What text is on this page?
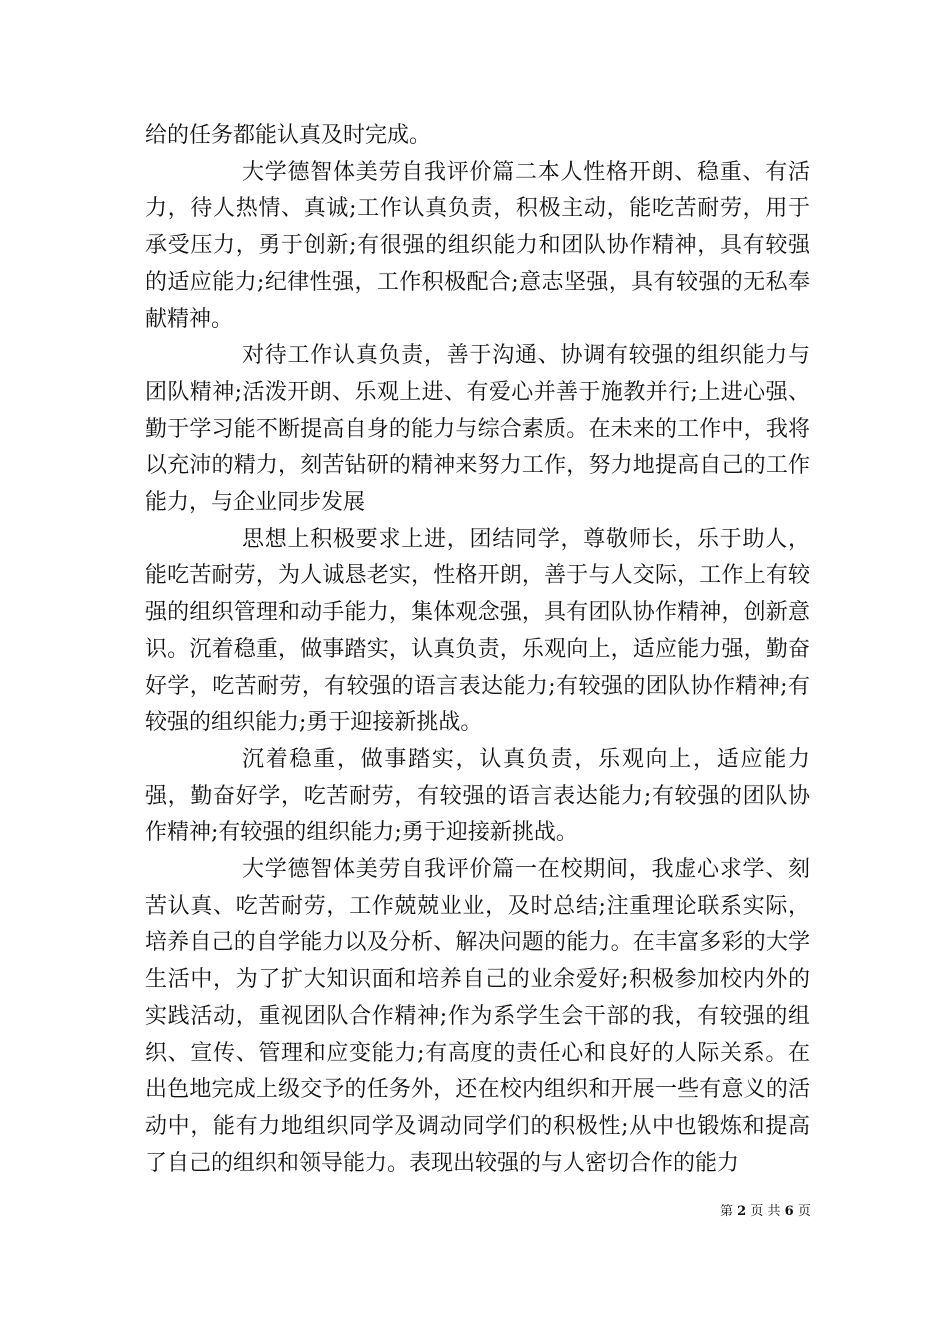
给的任务都能认真及时完成。

大学德智体美劳自我评价篇二本人性格开朗、稳重、有活力，待人热情、真诚;工作认真负责，积极主动，能吃苦耐劳，用于承受压力，勇于创新;有很强的组织能力和团队协作精神，具有较强的适应能力;纪律性强，工作积极配合;意志坚强，具有较强的无私奉献精神。

对待工作认真负责，善于沟通、协调有较强的组织能力与团队精神;活泼开朗、乐观上进、有爱心并善于施教并行;上进心强、勤于学习能不断提高自身的能力与综合素质。在未来的工作中，我将以充沛的精力，刻苦钻研的精神来努力工作，努力地提高自己的工作能力，与企业同步发展

思想上积极要求上进，团结同学，尊敬师长，乐于助人，能吃苦耐劳，为人诚恳老实，性格开朗，善于与人交际，工作上有较强的组织管理和动手能力，集体观念强，具有团队协作精神，创新意识。沉着稳重，做事踏实，认真负责，乐观向上，适应能力强，勤奋好学，吃苦耐劳，有较强的语言表达能力;有较强的团队协作精神;有较强的组织能力;勇于迎接新挑战。

沉着稳重，做事踏实，认真负责，乐观向上，适应能力强，勤奋好学，吃苦耐劳，有较强的语言表达能力;有较强的团队协作精神;有较强的组织能力;勇于迎接新挑战。

大学德智体美劳自我评价篇一在校期间，我虚心求学、刻苦认真、吃苦耐劳，工作兢兢业业，及时总结;注重理论联系实际，培养自己的自学能力以及分析、解决问题的能力。在丰富多彩的大学生活中，为了扩大知识面和培养自己的业余爱好;积极参加校内外的实践活动，重视团队合作精神;作为系学生会干部的我，有较强的组织、宣传、管理和应变能力;有高度的责任心和良好的人际关系。在出色地完成上级交予的任务外，还在校内组织和开展一些有意义的活动中，能有力地组织同学及调动同学们的积极性;从中也锻炼和提高了自己的组织和领导能力。表现出较强的与人密切合作的能力

第 2 页 共 6 页
